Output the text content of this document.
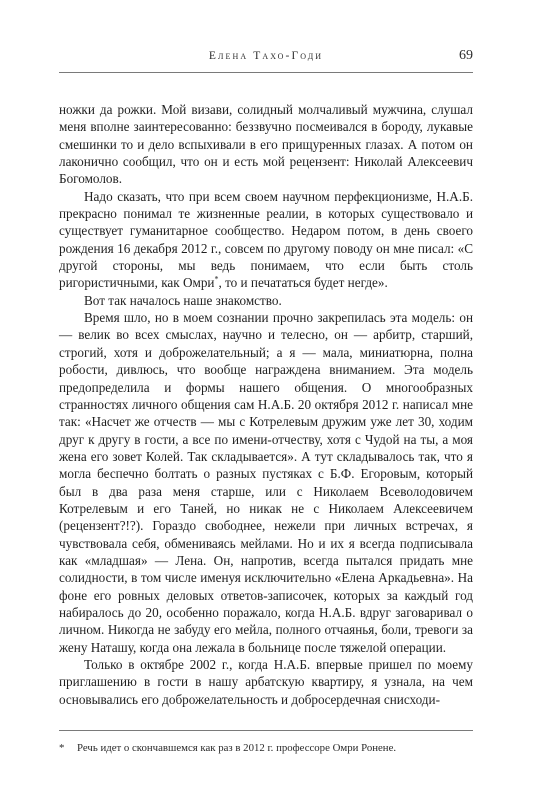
Елена Тахо-Годи	69

ножки да рожки. Мой визави, солидный молчаливый мужчина, слушал меня вполне заинтересованно: беззвучно посмеивался в бороду, лукавые смешинки то и дело вспыхивали в его прищуренных глазах. А потом он лаконично сообщил, что он и есть мой рецензент: Николай Алексеевич Богомолов.

Надо сказать, что при всем своем научном перфекционизме, Н.А.Б. прекрасно понимал те жизненные реалии, в которых существовало и существует гуманитарное сообщество. Недаром потом, в день своего рождения 16 декабря 2012 г., совсем по другому поводу он мне писал: «С другой стороны, мы ведь понимаем, что если быть столь ригористичными, как Омри*, то и печататься будет негде».

Вот так началось наше знакомство.

Время шло, но в моем сознании прочно закрепилась эта модель: он — велик во всех смыслах, научно и телесно, он — арбитр, старший, строгий, хотя и доброжелательный; а я — мала, миниатюрна, полна робости, дивлюсь, что вообще награждена вниманием. Эта модель предопределила и формы нашего общения. О многообразных странностях личного общения сам Н.А.Б. 20 октября 2012 г. написал мне так: «Насчет же отчеств — мы с Котрелевым дружим уже лет 30, ходим друг к другу в гости, а все по имени-отчеству, хотя с Чудой на ты, а моя жена его зовет Колей. Так складывается». А тут складывалось так, что я могла беспечно болтать о разных пустяках с Б.Ф. Егоровым, который был в два раза меня старше, или с Николаем Всеволодовичем Котрелевым и его Таней, но никак не с Николаем Алексеевичем (рецензент?!?). Гораздо свободнее, нежели при личных встречах, я чувствовала себя, обмениваясь мейлами. Но и их я всегда подписывала как «младшая» — Лена. Он, напротив, всегда пытался придать мне солидности, в том числе именуя исключительно «Елена Аркадьевна». На фоне его ровных деловых ответов-записочек, которых за каждый год набиралось до 20, особенно поражало, когда Н.А.Б. вдруг заговаривал о личном. Никогда не забуду его мейла, полного отчаянья, боли, тревоги за жену Наташу, когда она лежала в больнице после тяжелой операции.

Только в октябре 2002 г., когда Н.А.Б. впервые пришел по моему приглашению в гости в нашу арбатскую квартиру, я узнала, на чем основывались его доброжелательность и доброcердечная снисходи-

* Речь идет о скончавшемся как раз в 2012 г. профессоре Омри Ронене.
